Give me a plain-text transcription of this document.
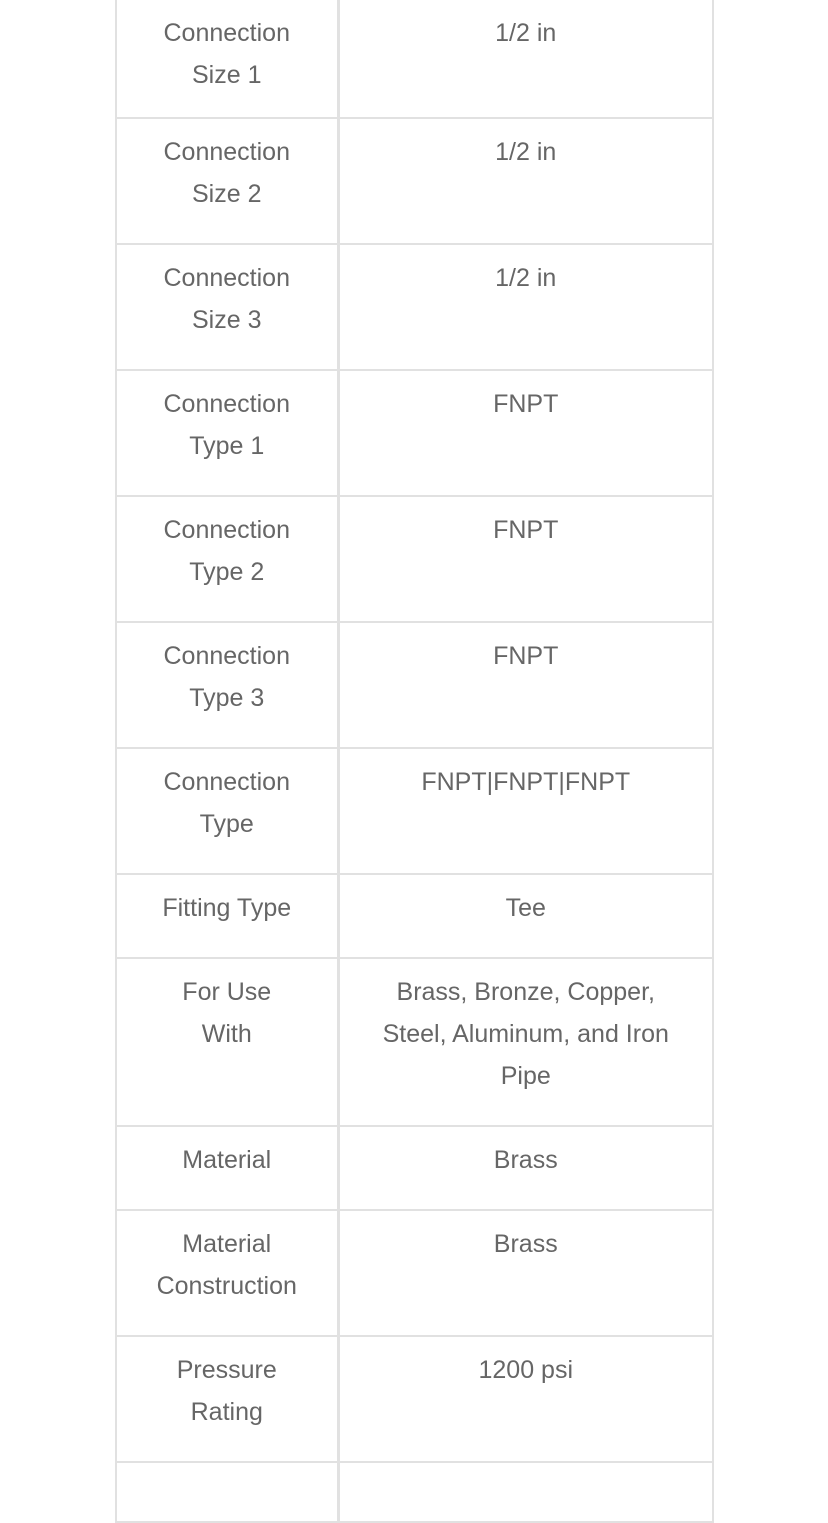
Connection Size 1	1/2 in
Connection Size 2	1/2 in
Connection Size 3	1/2 in
Connection Type 1	FNPT
Connection Type 2	FNPT
Connection Type 3	FNPT
Connection Type	FNPT|FNPT|FNPT
Fitting Type	Tee
For Use With	Brass, Bronze, Copper, Steel, Aluminum, and Iron Pipe
Material	Brass
Material Construction	Brass
Pressure Rating	1200 psi
